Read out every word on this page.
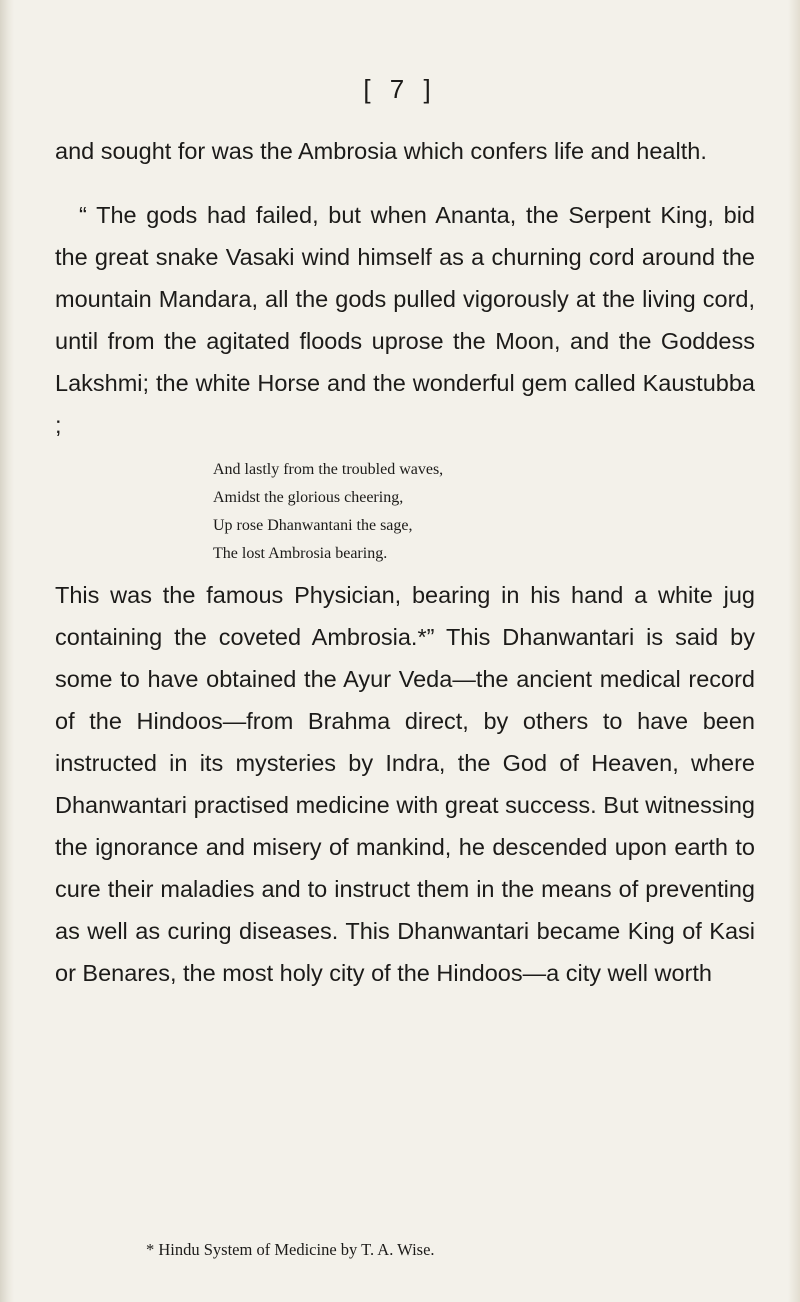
[ 7 ]

and sought for was the Ambrosia which confers life and health.

“ The gods had failed, but when Ananta, the Serpent King, bid the great snake Vasaki wind himself as a churning cord around the mountain Mandara, all the gods pulled vigorously at the living cord, until from the agitated floods uprose the Moon, and the Goddess Lakshmi; the white Horse and the wonderful gem called Kaustubba ;

And lastly from the troubled waves,
Amidst the glorious cheering,
Up rose Dhanwantani the sage,
The lost Ambrosia bearing.

This was the famous Physician, bearing in his hand a white jug containing the coveted Ambrosia.*” This Dhanwantari is said by some to have obtained the Ayur Veda—the ancient medical record of the Hindoos—from Brahma direct, by others to have been instructed in its mysteries by Indra, the God of Heaven, where Dhanwantari practised medicine with great success. But witnessing the ignorance and misery of mankind, he descended upon earth to cure their maladies and to instruct them in the means of preventing as well as curing diseases. This Dhanwantari became King of Kasi or Benares, the most holy city of the Hindoos—a city well worth

* Hindu System of Medicine by T. A. Wise.
